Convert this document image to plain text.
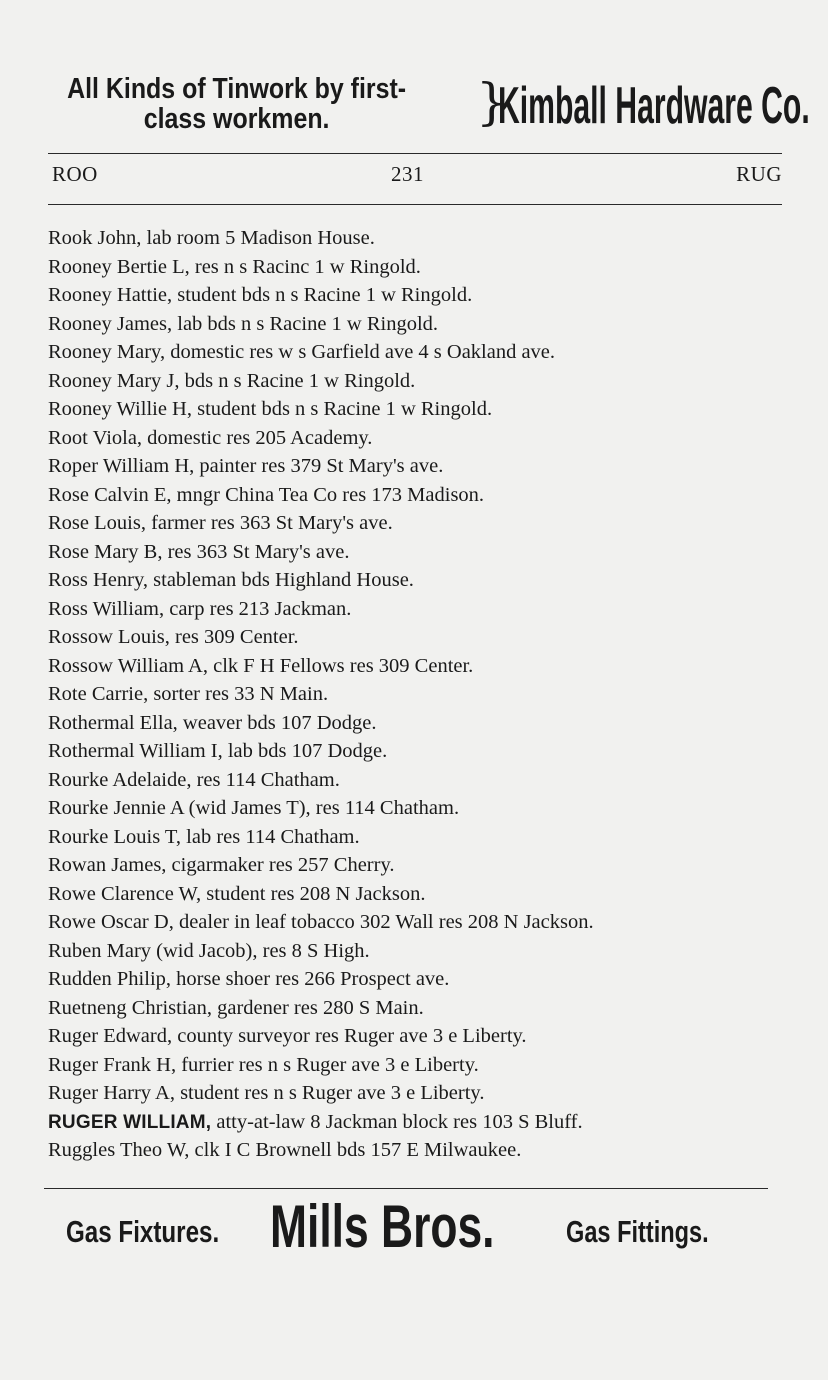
All Kinds of Tinwork by first-
class workmen.	}
Kimball Hardware Co.
ROO	231	RUG
Rook John, lab room 5 Madison House.
Rooney Bertie L, res n s Racinc 1 w Ringold.
Rooney Hattie, student bds n s Racine 1 w Ringold.
Rooney James, lab bds n s Racine 1 w Ringold.
Rooney Mary, domestic res w s Garfield ave 4 s Oakland ave.
Rooney Mary J, bds n s Racine 1 w Ringold.
Rooney Willie H, student bds n s Racine 1 w Ringold.
Root Viola, domestic res 205 Academy.
Roper William H, painter res 379 St Mary's ave.
Rose Calvin E, mngr China Tea Co res 173 Madison.
Rose Louis, farmer res 363 St Mary's ave.
Rose Mary B, res 363 St Mary's ave.
Ross Henry, stableman bds Highland House.
Ross William, carp res 213 Jackman.
Rossow Louis, res 309 Center.
Rossow William A, clk F H Fellows res 309 Center.
Rote Carrie, sorter res 33 N Main.
Rothermal Ella, weaver bds 107 Dodge.
Rothermal William I, lab bds 107 Dodge.
Rourke Adelaide, res 114 Chatham.
Rourke Jennie A (wid James T), res 114 Chatham.
Rourke Louis T, lab res 114 Chatham.
Rowan James, cigarmaker res 257 Cherry.
Rowe Clarence W, student res 208 N Jackson.
Rowe Oscar D, dealer in leaf tobacco 302 Wall res 208 N Jackson.
Ruben Mary (wid Jacob), res 8 S High.
Rudden Philip, horse shoer res 266 Prospect ave.
Ruetneng Christian, gardener res 280 S Main.
Ruger Edward, county surveyor res Ruger ave 3 e Liberty.
Ruger Frank H, furrier res n s Ruger ave 3 e Liberty.
Ruger Harry A, student res n s Ruger ave 3 e Liberty.
RUGER WILLIAM, atty-at-law 8 Jackman block res 103 S Bluff.
Ruggles Theo W, clk I C Brownell bds 157 E Milwaukee.
Gas Fixtures. Mills Bros. Gas Fittings.
